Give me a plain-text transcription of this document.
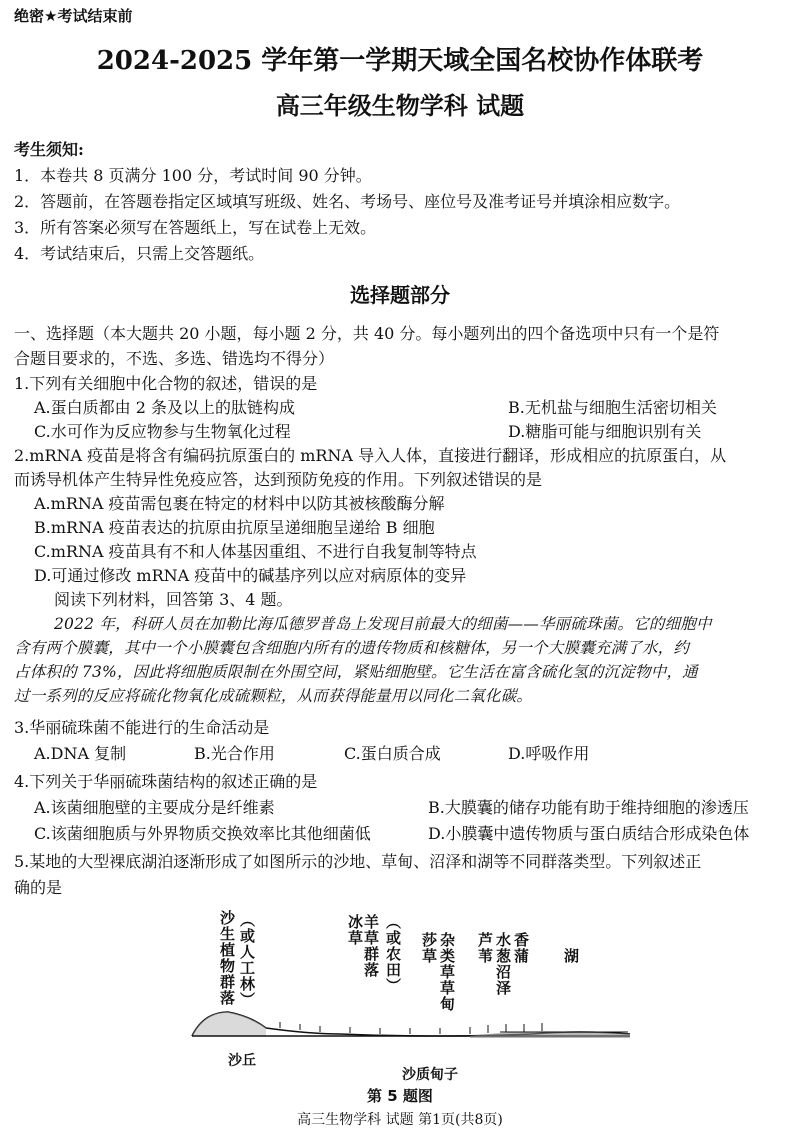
绝密★考试结束前
2024-2025 学年第一学期天域全国名校协作体联考
高三年级生物学科 试题
考生须知:
1．本卷共 8 页满分 100 分，考试时间 90 分钟。
2．答题前，在答题卷指定区域填写班级、姓名、考场号、座位号及准考证号并填涂相应数字。
3．所有答案必须写在答题纸上，写在试卷上无效。
4．考试结束后，只需上交答题纸。
选择题部分
一、选择题（本大题共 20 小题，每小题 2 分，共 40 分。每小题列出的四个备选项中只有一个是符
合题目要求的，不选、多选、错选均不得分）
1.下列有关细胞中化合物的叙述，错误的是
A.蛋白质都由 2 条及以上的肽链构成	B.无机盐与细胞生活密切相关
C.水可作为反应物参与生物氧化过程	D.糖脂可能与细胞识别有关
2.mRNA 疫苗是将含有编码抗原蛋白的 mRNA 导入人体，直接进行翻译，形成相应的抗原蛋白，从
而诱导机体产生特异性免疫应答，达到预防免疫的作用。下列叙述错误的是
A.mRNA 疫苗需包裹在特定的材料中以防其被核酸酶分解
B.mRNA 疫苗表达的抗原由抗原呈递细胞呈递给 B 细胞
C.mRNA 疫苗具有不和人体基因重组、不进行自我复制等特点
D.可通过修改 mRNA 疫苗中的碱基序列以应对病原体的变异
阅读下列材料，回答第 3、4 题。
2022 年，科研人员在加勒比海瓜德罗普岛上发现目前最大的细菌——华丽硫珠菌。它的细胞中
含有两个膜囊，其中一个小膜囊包含细胞内所有的遗传物质和核糖体，另一个大膜囊充满了水，约
占体积的 73%，因此将细胞质限制在外围空间，紧贴细胞壁。它生活在富含硫化氢的沉淀物中，通
过一系列的反应将硫化物氧化成硫颗粒，从而获得能量用以同化二氧化碳。
3.华丽硫珠菌不能进行的生命活动是
A.DNA 复制	B.光合作用	C.蛋白质合成	D.呼吸作用
4.下列关于华丽硫珠菌结构的叙述正确的是
A.该菌细胞壁的主要成分是纤维素	B.大膜囊的储存功能有助于维持细胞的渗透压
C.该菌细胞质与外界物质交换效率比其他细菌低	D.小膜囊中遗传物质与蛋白质结合形成染色体
5.某地的大型裸底湖泊逐渐形成了如图所示的沙地、草甸、沼泽和湖等不同群落类型。下列叙述正
确的是
沙生植物群落 （或人工林）	冰草
羊草群落 （或农田） 莎草 杂类草草甸 芦苇 水葱沼泽 香蒲 湖
沙丘
沙质甸子
第 5 题图
高三生物学科 试题 第1页(共8页)
